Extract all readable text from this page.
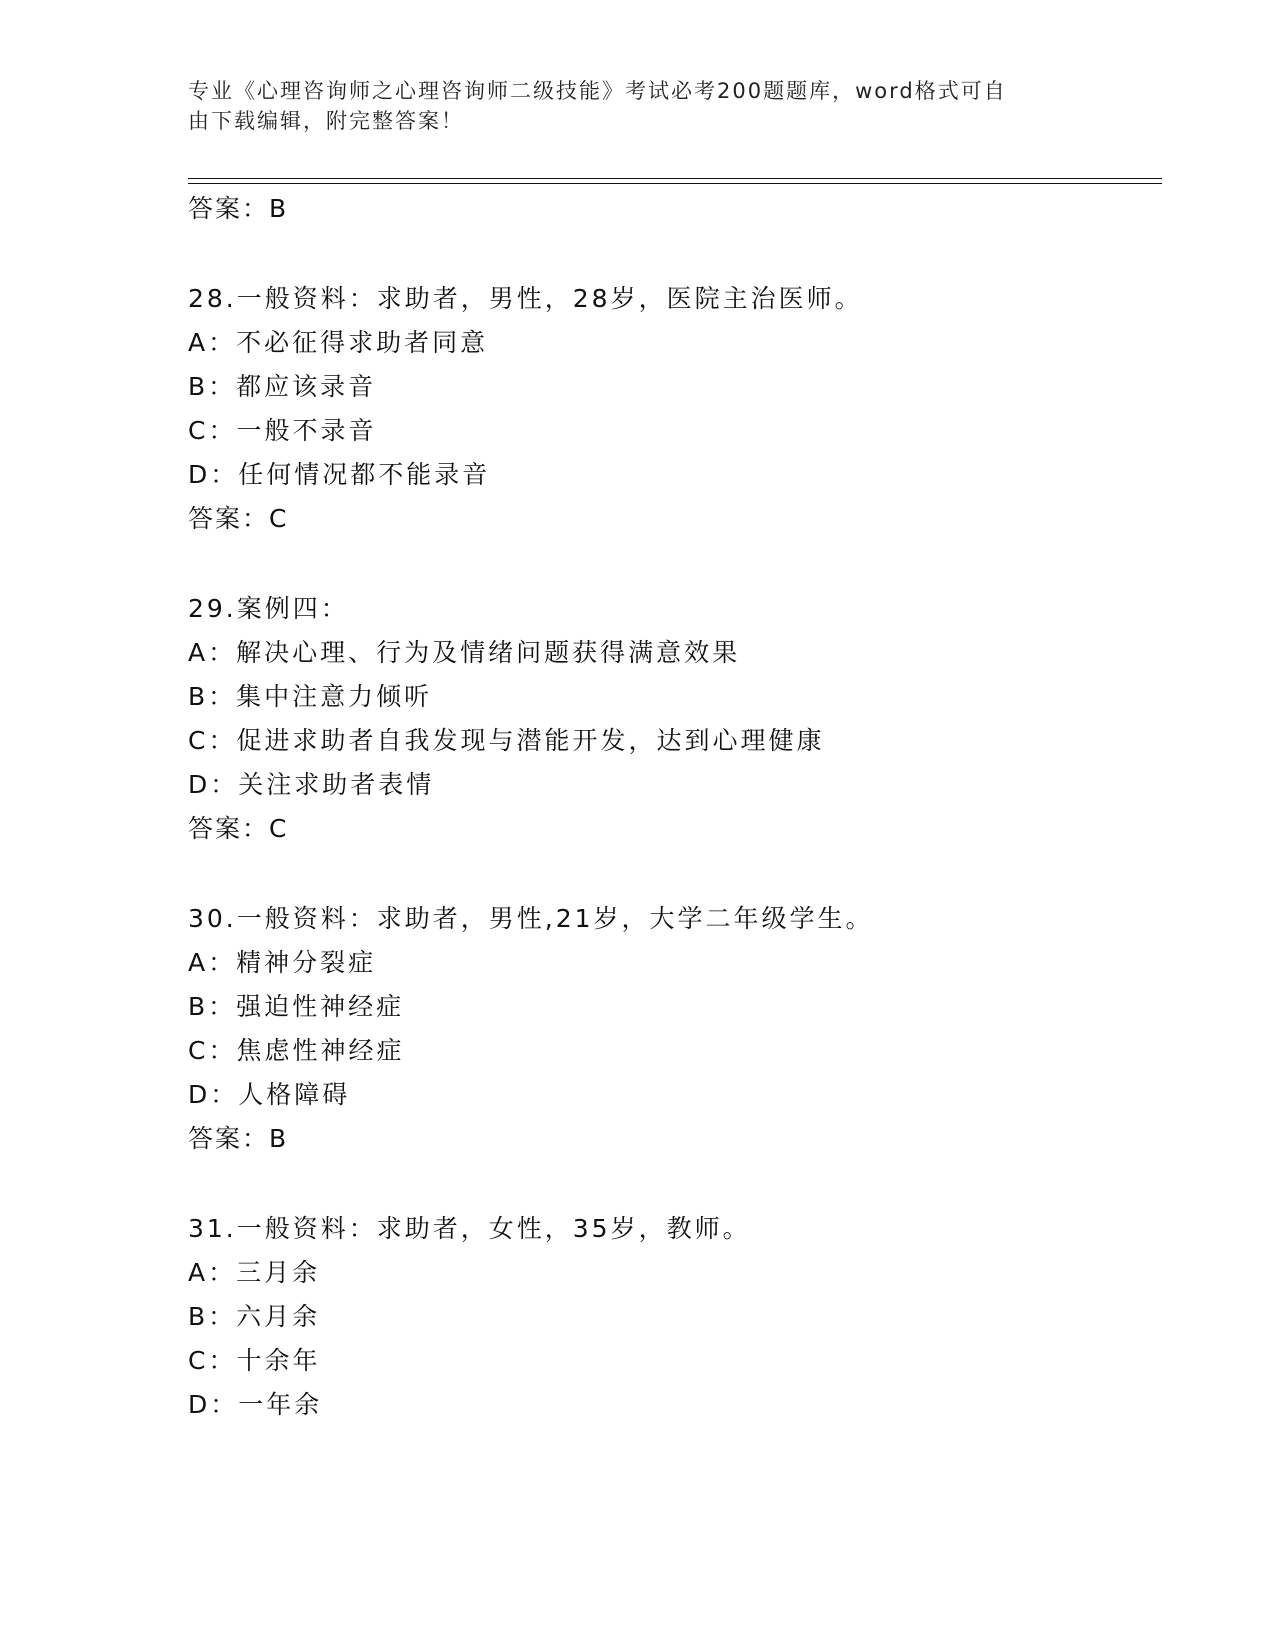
专业《心理咨询师之心理咨询师二级技能》考试必考200题题库，word格式可自
由下载编辑，附完整答案！
答案：B
28.一般资料：求助者，男性，28岁，医院主治医师。
A：不必征得求助者同意
B：都应该录音
C：一般不录音
D：任何情况都不能录音
答案：C
29.案例四：
A：解决心理、行为及情绪问题获得满意效果
B：集中注意力倾听
C：促进求助者自我发现与潜能开发，达到心理健康
D：关注求助者表情
答案：C
30.一般资料：求助者，男性,21岁，大学二年级学生。
A：精神分裂症
B：强迫性神经症
C：焦虑性神经症
D：人格障碍
答案：B
31.一般资料：求助者，女性，35岁，教师。
A：三月余
B：六月余
C：十余年
D：一年余
